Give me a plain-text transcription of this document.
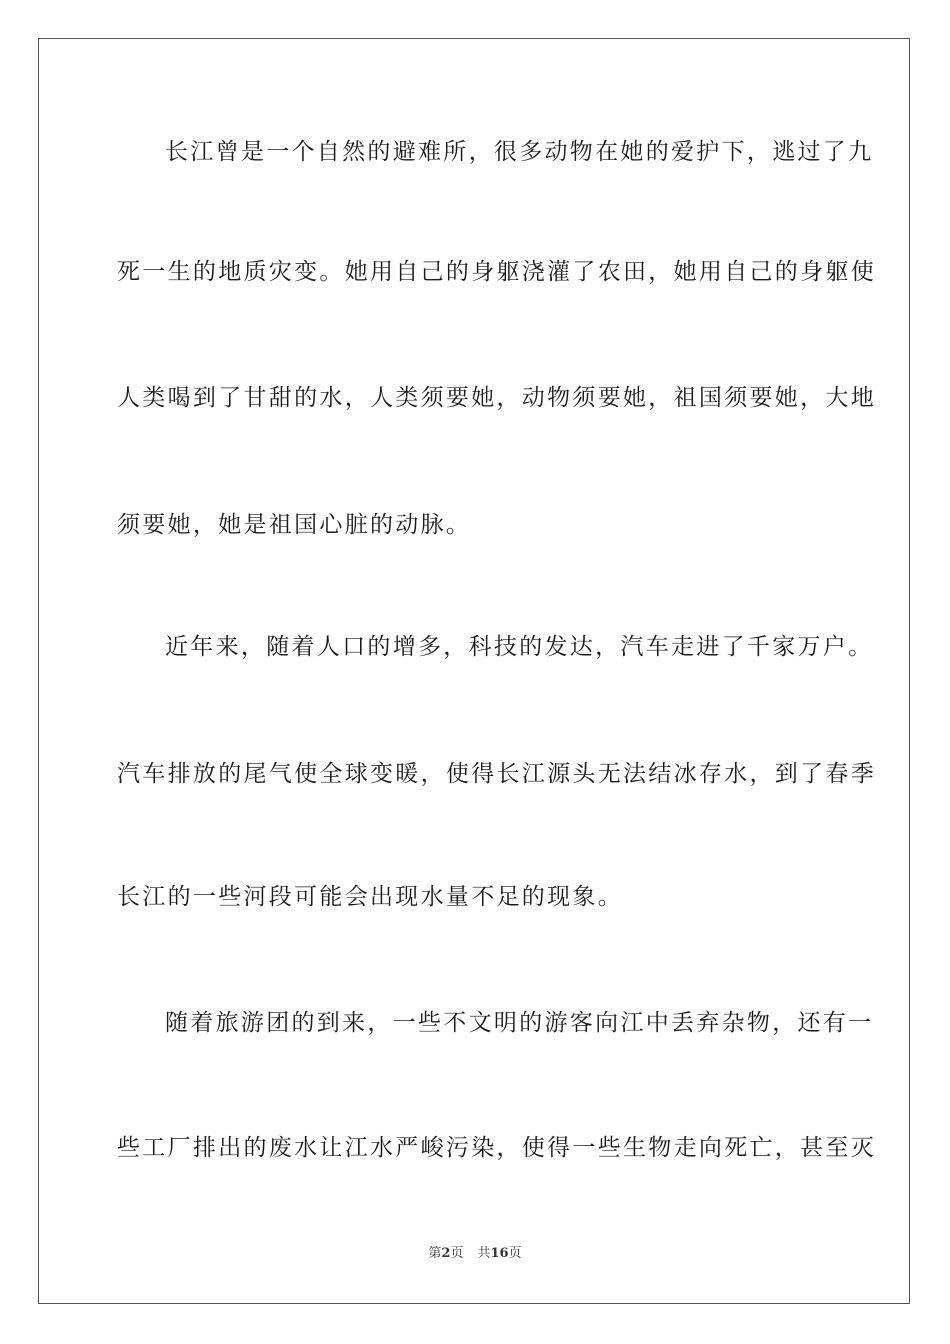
长江曾是一个自然的避难所，很多动物在她的爱护下，逃过了九
死一生的地质灾变。她用自己的身躯浇灌了农田，她用自己的身躯使
人类喝到了甘甜的水，人类须要她，动物须要她，祖国须要她，大地
须要她，她是祖国心脏的动脉。
近年来，随着人口的增多，科技的发达，汽车走进了千家万户。
汽车排放的尾气使全球变暖，使得长江源头无法结冰存水，到了春季
长江的一些河段可能会出现水量不足的现象。
随着旅游团的到来，一些不文明的游客向江中丢弃杂物，还有一
些工厂排出的废水让江水严峻污染，使得一些生物走向死亡，甚至灭
第2页 共16页
